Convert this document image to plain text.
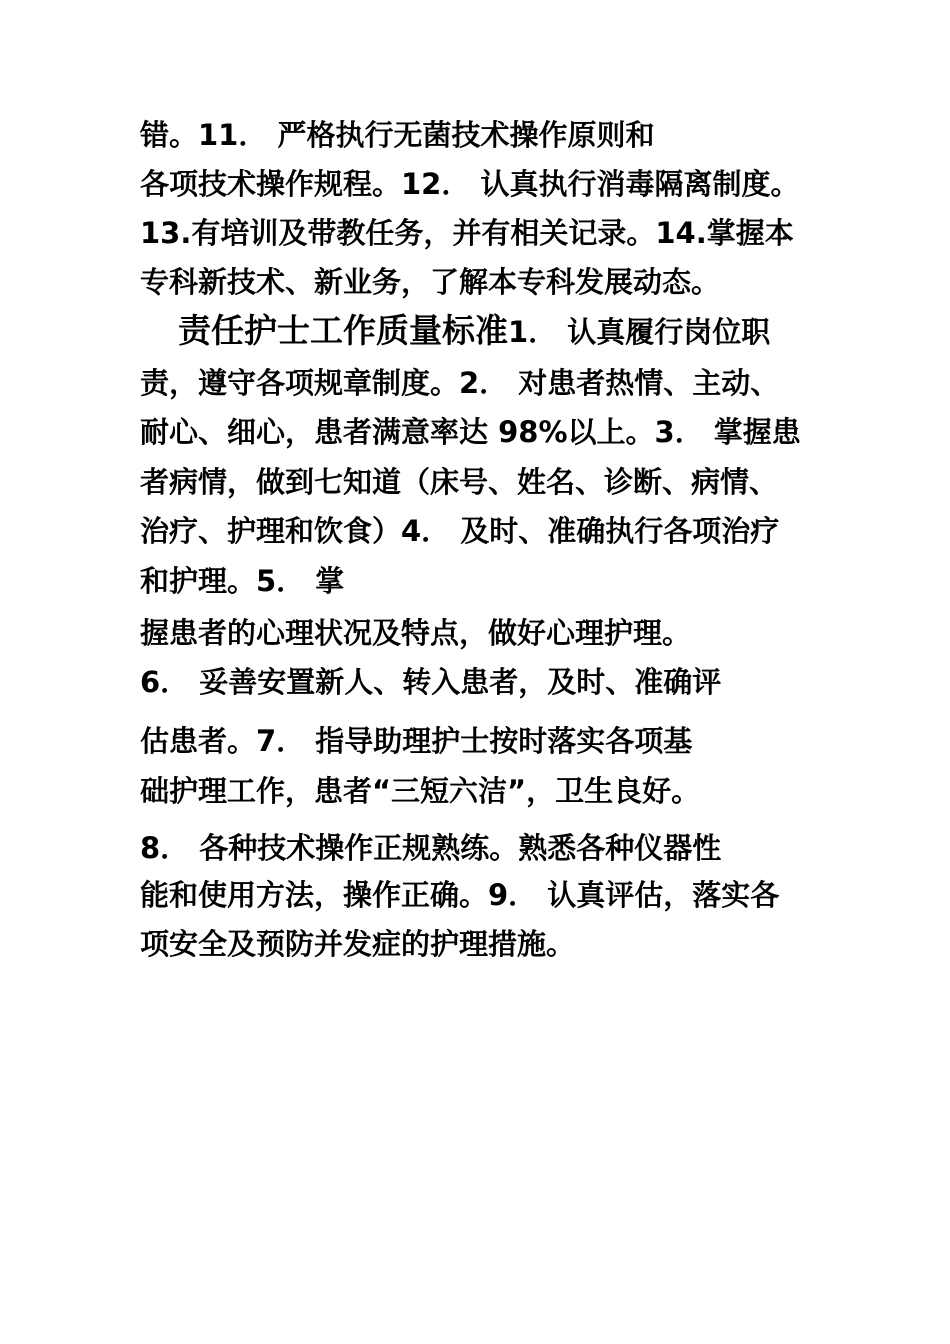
错。11． 严格执行无菌技术操作原则和
各项技术操作规程。12． 认真执行消毒隔离制度。
13.有培训及带教任务，并有相关记录。14.掌握本
专科新技术、新业务，了解本专科发展动态。
责任护士工作质量标准1． 认真履行岗位职
责，遵守各项规章制度。2． 对患者热情、主动、
耐心、细心，患者满意率达 98%以上。3． 掌握患
者病情，做到七知道（床号、姓名、诊断、病情、
治疗、护理和饮食）4． 及时、准确执行各项治疗
和护理。5． 掌
握患者的心理状况及特点，做好心理护理。
6． 妥善安置新人、转入患者，及时、准确评
估患者。7． 指导助理护士按时落实各项基
础护理工作，患者“三短六洁”，卫生良好。
8． 各种技术操作正规熟练。熟悉各种仪器性
能和使用方法，操作正确。9． 认真评估，落实各
项安全及预防并发症的护理措施。
